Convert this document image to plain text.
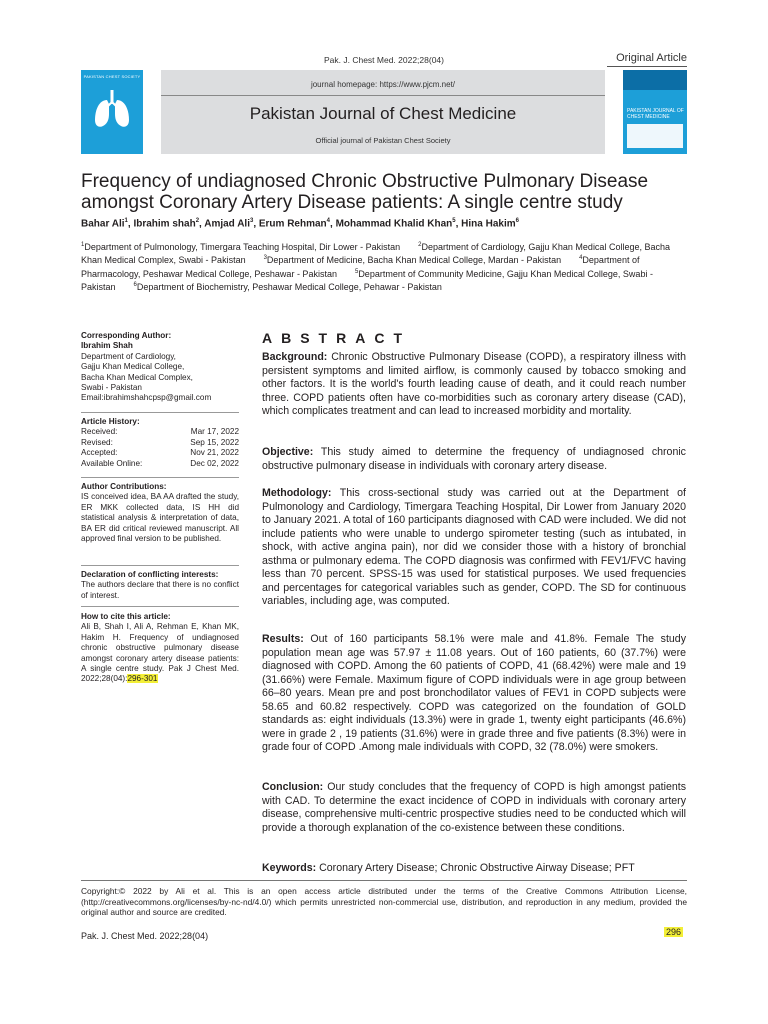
Pak. J. Chest Med. 2022;28(04)	Original Article
PAKISTAN CHEST SOCIETY
journal homepage: https://www.pjcm.net/
Pakistan Journal of Chest Medicine
Official journal of Pakistan Chest Society
PAKISTAN JOURNAL OF CHEST MEDICINE
Frequency of undiagnosed Chronic Obstructive Pulmonary Disease amongst Coronary Artery Disease patients: A single centre study
Bahar Ali$^1$, Ibrahim shah$^2$, Amjad Ali$^3$, Erum Rehman$^4$, Mohammad Khalid Khan$^5$, Hina Hakim$^6$
$^1$Department of Pulmonology, Timergara Teaching Hospital, Dir Lower - Pakistan  	$^2$Department of Cardiology, Gajju Khan Medical College, Bacha Khan Medical Complex, Swabi - Pakistan  	$^3$Department of Medicine, Bacha Khan Medical College, Mardan - Pakistan  	$^4$Department of Pharmacology, Peshawar Medical College, Peshawar - Pakistan  	$^5$Department of Community Medicine, Gajju Khan Medical College, Swabi - Pakistan  	$^6$Department of Biochemistry, Peshawar Medical College, Pehawar - Pakistan
Corresponding Author:
Ibrahim Shah
Department of Cardiology,
Gajju Khan Medical College,
Bacha Khan Medical Complex,
Swabi - Pakistan
Email:ibrahimshahcpsp@gmail.com
Article History:
Received:	Mar 17, 2022
Revised:	Sep 15, 2022
Accepted:	Nov 21, 2022
Available Online:	Dec 02, 2022
Author Contributions:
IS conceived idea, BA AA drafted the study, ER MKK collected data, IS HH did statistical analysis & interpretation of data, BA ER did critical reviewed manuscript. All approved final version to be published.
Declaration of conflicting interests:
The authors declare that there is no conflict of interest.
How to cite this article:
Ali B, Shah I, Ali A, Rehman E, Khan MK, Hakim H. Frequency of undiagnosed chronic obstructive pulmonary disease amongst coronary artery disease patients: A single centre study. Pak J Chest Med. 2022;28(04):296-301
ABSTRACT
Background: Chronic Obstructive Pulmonary Disease (COPD), a respiratory illness with persistent symptoms and limited airflow, is commonly caused by tobacco smoking and other factors. It is the world's fourth leading cause of death, and it could reach number three. COPD patients often have co-morbidities such as coronary artery disease (CAD), which complicates treatment and can lead to increased morbidity and mortality.
Objective: This study aimed to determine the frequency of undiagnosed chronic obstructive pulmonary disease in individuals with coronary artery disease.
Methodology: This cross-sectional study was carried out at the Department of Pulmonology and Cardiology, Timergara Teaching Hospital, Dir Lower from January 2020 to January 2021. A total of 160 participants diagnosed with CAD were included. We did not include patients who were unable to undergo spirometer testing (such as intubated, in shock, with active angina pain), nor did we consider those with a history of bronchial asthma or pulmonary edema. The COPD diagnosis was confirmed with FEV1/FVC having less than 70 percent. SPSS-15 was used for statistical purposes. We used frequencies and percentages for categorical variables such as gender, COPD. The SD for continuous variables, including age, was computed.
Results: Out of 160 participants 58.1% were male and 41.8%. Female The study population mean age was 57.97 ± 11.08 years. Out of 160 patients, 60 (37.7%) were diagnosed with COPD. Among the 60 patients of COPD, 41 (68.42%) were male and 19 (31.66%) were Female. Maximum figure of COPD individuals were in age group between 66–80 years. Mean pre and post bronchodilator values of FEV1 in COPD subjects were 58.65 and 60.82 respectively. COPD was categorized on the foundation of GOLD standards as: eight individuals (13.3%) were in grade 1, twenty eight participants (46.6%) were in grade 2 , 19 patients (31.6%) were in grade three and five patients (8.3%) were in grade four of COPD .Among male individuals with COPD, 32 (78.0%) were smokers.
Conclusion: Our study concludes that the frequency of COPD is high amongst patients with CAD. To determine the exact incidence of COPD in individuals with coronary artery disease, comprehensive multi-centric prospective studies need to be conducted which will provide a thorough explanation of the co-existence between these conditions.
Keywords: Coronary Artery Disease; Chronic Obstructive Airway Disease; PFT
Copyright:© 2022 by Ali et al. This is an open access article distributed under the terms of the Creative Commons Attribution License, (http://creativecommons.org/licenses/by-nc-nd/4.0/) which permits unrestricted non-commercial use, distribution, and reproduction in any medium, provided the original author and source are credited.
Pak. J. Chest Med. 2022;28(04)	296
